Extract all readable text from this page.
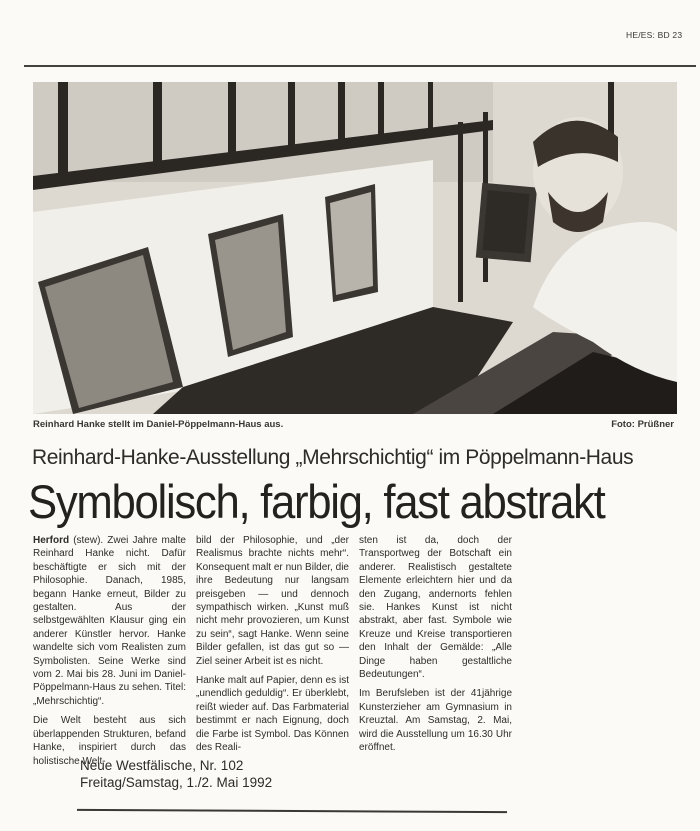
HE/ES: BD 23
Reinhard Hanke stellt im Daniel-Pöppelmann-Haus aus.	Foto: Prüßner
Reinhard-Hanke-Ausstellung „Mehrschichtig“ im Pöppelmann-Haus
Symbolisch, farbig, fast abstrakt

Herford (stew). Zwei Jahre malte Reinhard Hanke nicht. Dafür beschäftigte er sich mit der Philosophie. Danach, 1985, begann Hanke erneut, Bilder zu gestalten. Aus der selbstgewählten Klausur ging ein anderer Künstler hervor. Hanke wandelte sich vom Realisten zum Symbolisten. Seine Werke sind vom 2. Mai bis 28. Juni im Daniel-Pöppelmann-Haus zu sehen. Titel: „Mehrschichtig“.

Die Welt besteht aus sich überlappenden Strukturen, befand Hanke, inspiriert durch das holistische Welt-

bild der Philosophie, und „der Realismus brachte nichts mehr“. Konsequent malt er nun Bilder, die ihre Bedeutung nur langsam preisgeben — und dennoch sympathisch wirken. „Kunst muß nicht mehr provozieren, um Kunst zu sein“, sagt Hanke. Wenn seine Bilder gefallen, ist das gut so — Ziel seiner Arbeit ist es nicht.

Hanke malt auf Papier, denn es ist „unendlich geduldig“. Er überklebt, reißt wieder auf. Das Farbmaterial bestimmt er nach Eignung, doch die Farbe ist Symbol. Das Können des Reali-

sten ist da, doch der Transportweg der Botschaft ein anderer. Realistisch gestaltete Elemente erleichtern hier und da den Zugang, andernorts fehlen sie. Hankes Kunst ist nicht abstrakt, aber fast. Symbole wie Kreuze und Kreise transportieren den Inhalt der Gemälde: „Alle Dinge haben gestaltliche Bedeutungen“.

Im Berufsleben ist der 41jährige Kunsterzieher am Gymnasium in Kreuztal. Am Samstag, 2. Mai, wird die Ausstellung um 16.30 Uhr eröffnet.

Neue Westfälische, Nr. 102
Freitag/Samstag, 1./2. Mai 1992
